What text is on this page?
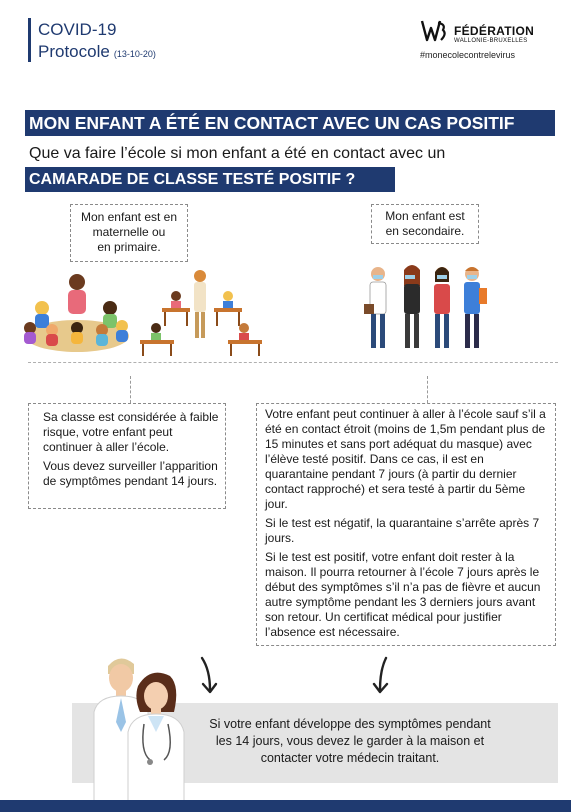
COVID-19
Protocole (13-10-20)
FÉDÉRATION
WALLONIE-BRUXELLES
#monecolecontrelevirus
MON ENFANT A ÉTÉ EN CONTACT AVEC UN CAS POSITIF
Que va faire l’école si mon enfant a été en contact avec un
CAMARADE DE CLASSE TESTÉ POSITIF ?
Mon enfant est en
maternelle ou
en primaire.
Mon enfant est
en secondaire.

Sa classe est considérée à faible risque, votre enfant peut continuer à aller l’école.

Vous devez surveiller l’apparition de symptômes pendant 14 jours.

Votre enfant peut continuer à aller à l’école sauf s’il a été en contact étroit (moins de 1,5m pendant plus de 15 minutes et sans port adéquat du masque) avec l’élève testé positif. Dans ce cas, il est en quarantaine pendant 7 jours (à partir du dernier contact rapproché) et sera testé à partir du 5ème jour.

Si le test est négatif, la quarantaine s’arrête après 7 jours.

Si le test est positif, votre enfant doit rester à la maison. Il pourra retourner à l’école 7 jours après le début des symptômes s’il n’a pas de fièvre et aucun autre symptôme pendant les 3 derniers jours avant son retour. Un certificat médical pour justifier l’absence est nécessaire.

Si votre enfant développe des symptômes pendant les 14 jours, vous devez le garder à la maison et contacter votre médecin traitant.
